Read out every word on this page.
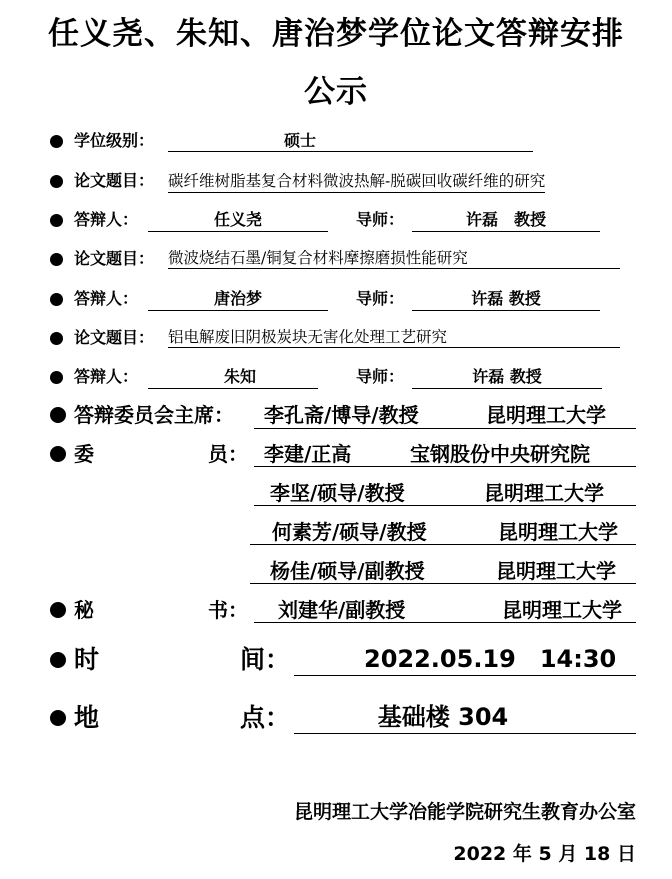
任义尧、朱知、唐治梦学位论文答辩安排
公示
学位级别：	硕士
论文题目： 碳纤维树脂基复合材料微波热解-脱碳回收碳纤维的研究
答辩人：	任义尧	导师：	许磊　教授
论文题目： 微波烧结石墨/铜复合材料摩擦磨损性能研究
答辩人：	唐治梦	导师：	许磊 教授
论文题目： 铝电解废旧阴极炭块无害化处理工艺研究
答辩人：	朱知	导师：	许磊 教授
答辩委员会主席： 李孔斋/博导/教授	昆明理工大学
委	员： 李建/正高	宝钢股份中央研究院
李坚/硕导/教授	昆明理工大学
何素芳/硕导/教授	昆明理工大学
杨佳/硕导/副教授	昆明理工大学
秘	书： 刘建华/副教授	昆明理工大学
时	间：	2022.05.19　14:30
地	点：	基础楼 304
昆明理工大学冶能学院研究生教育办公室
2022 年 5 月 18 日
